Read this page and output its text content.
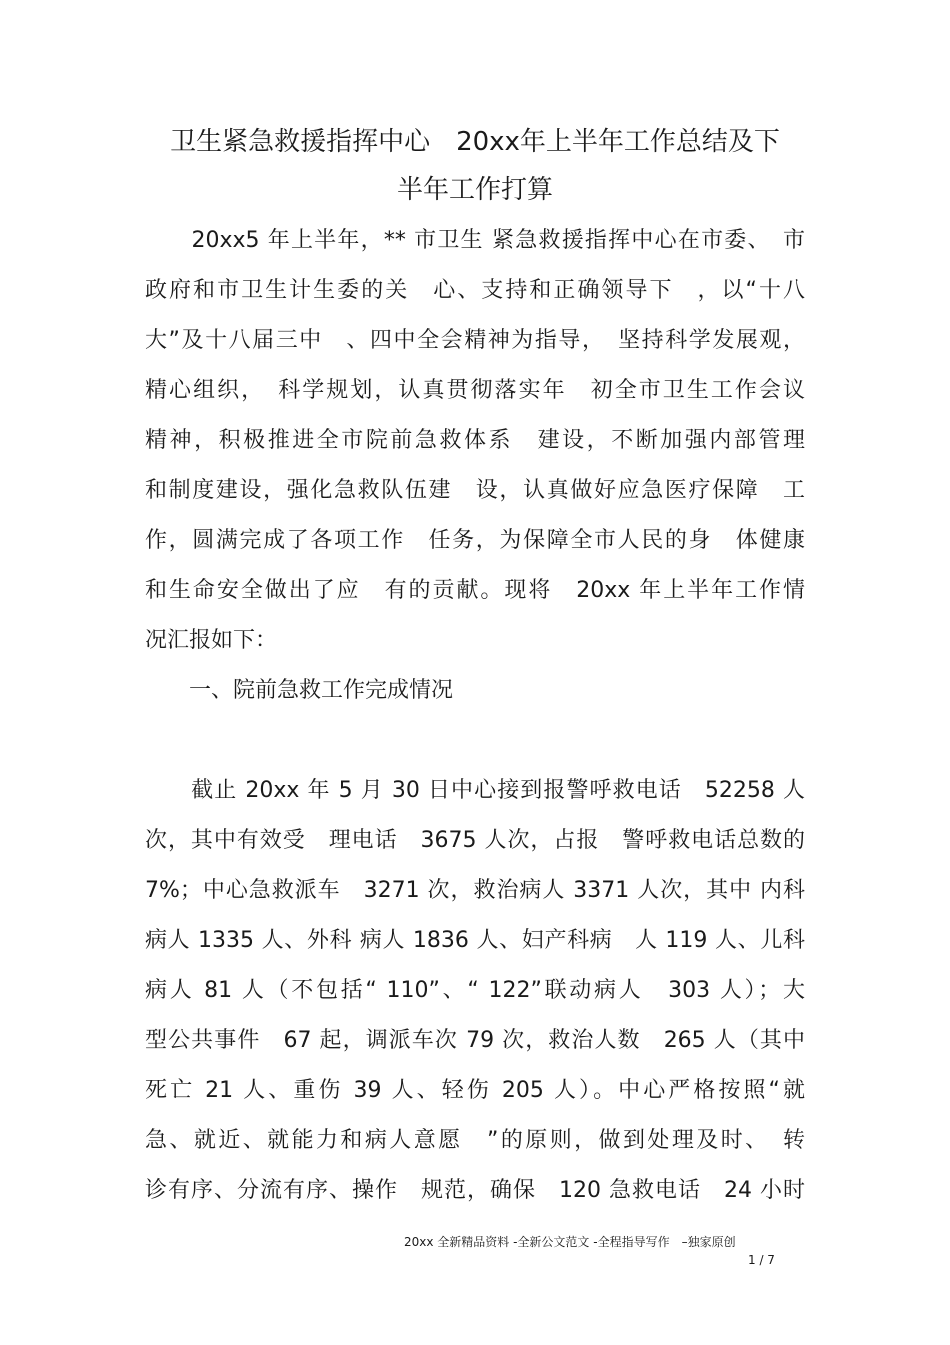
卫生紧急救援指挥中心　20xx年上半年工作总结及下
半年工作打算
　　20xx5 年上半年，** 市卫生 紧急救援指挥中心在市委、　市
政府和市卫生计生委的关　心、支持和正确领导下　，以“十八
大”及十八届三中　、四中全会精神为指导，　坚持科学发展观，
精心组织，　科学规划，认真贯彻落实年　初全市卫生工作会议
精神，积极推进全市院前急救体系　建设，不断加强内部管理
和制度建设，强化急救队伍建　设，认真做好应急医疗保障　工
作，圆满完成了各项工作　任务，为保障全市人民的身　体健康
和生命安全做出了应　有的贡献。现将　20xx 年上半年工作情
况汇报如下：
　　一、院前急救工作完成情况
　　截止 20xx 年 5 月 30 日中心接到报警呼救电话　52258 人
次，其中有效受　理电话　3675 人次，占报　警呼救电话总数的
7%；中心急救派车　3271 次，救治病人 3371 人次，其中 内科
病人 1335 人、外科 病人 1836 人、妇产科病　人 119 人、儿科
病人 81 人（不包括“ 110”、“ 122”联动病人　303 人）；大
型公共事件　67 起，调派车次 79 次，救治人数　265 人（其中
死亡 21 人、重伤 39 人、轻伤 205 人）。中心严格按照“就
急、就近、就能力和病人意愿　”的原则，做到处理及时、　转
诊有序、分流有序、操作　规范，确保　120 急救电话　24 小时
20xx 全新精品资料 -全新公文范文 -全程指导写作　–独家原创
1 / 7
